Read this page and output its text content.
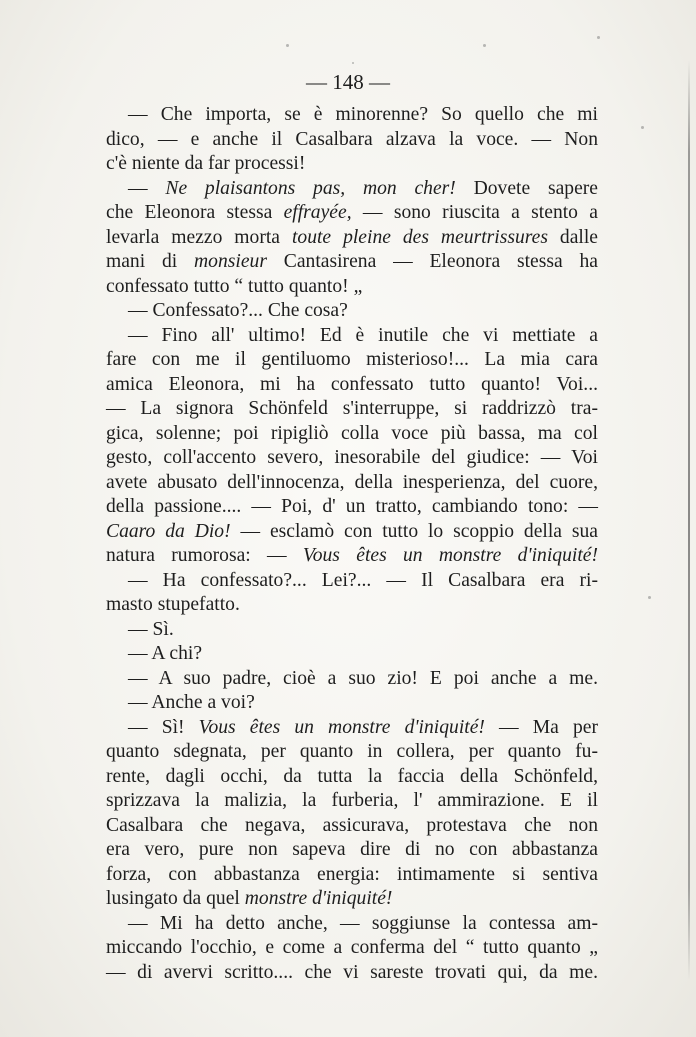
— 148 —
— Che importa, se è minorenne? So quello che mi
dico, — e anche il Casalbara alzava la voce. — Non
c'è niente da far processi!
— Ne plaisantons pas, mon cher! Dovete sapere
che Eleonora stessa effrayée, — sono riuscita a stento a
levarla mezzo morta toute pleine des meurtrissures dalle
mani di monsieur Cantasirena — Eleonora stessa ha
confessato tutto “ tutto quanto! „
— Confessato?... Che cosa?
— Fino all' ultimo! Ed è inutile che vi mettiate a
fare con me il gentiluomo misterioso!... La mia cara
amica Eleonora, mi ha confessato tutto quanto! Voi...
— La signora Schönfeld s'interruppe, si raddrizzò tra-
gica, solenne; poi ripigliò colla voce più bassa, ma col
gesto, coll'accento severo, inesorabile del giudice: — Voi
avete abusato dell'innocenza, della inesperienza, del cuore,
della passione.... — Poi, d' un tratto, cambiando tono: —
Caaro da Dio! — esclamò con tutto lo scoppio della sua
natura rumorosa: — Vous êtes un monstre d'iniquité!
— Ha confessato?... Lei?... — Il Casalbara era ri-
masto stupefatto.
— Sì.
— A chi?
— A suo padre, cioè a suo zio! E poi anche a me.
— Anche a voi?
— Sì! Vous êtes un monstre d'iniquité! — Ma per
quanto sdegnata, per quanto in collera, per quanto fu-
rente, dagli occhi, da tutta la faccia della Schönfeld,
sprizzava la malizia, la furberia, l' ammirazione. E il
Casalbara che negava, assicurava, protestava che non
era vero, pure non sapeva dire di no con abbastanza
forza, con abbastanza energia: intimamente si sentiva
lusingato da quel monstre d'iniquité!
— Mi ha detto anche, — soggiunse la contessa am-
miccando l'occhio, e come a conferma del “ tutto quanto „
— di avervi scritto.... che vi sareste trovati qui, da me.
